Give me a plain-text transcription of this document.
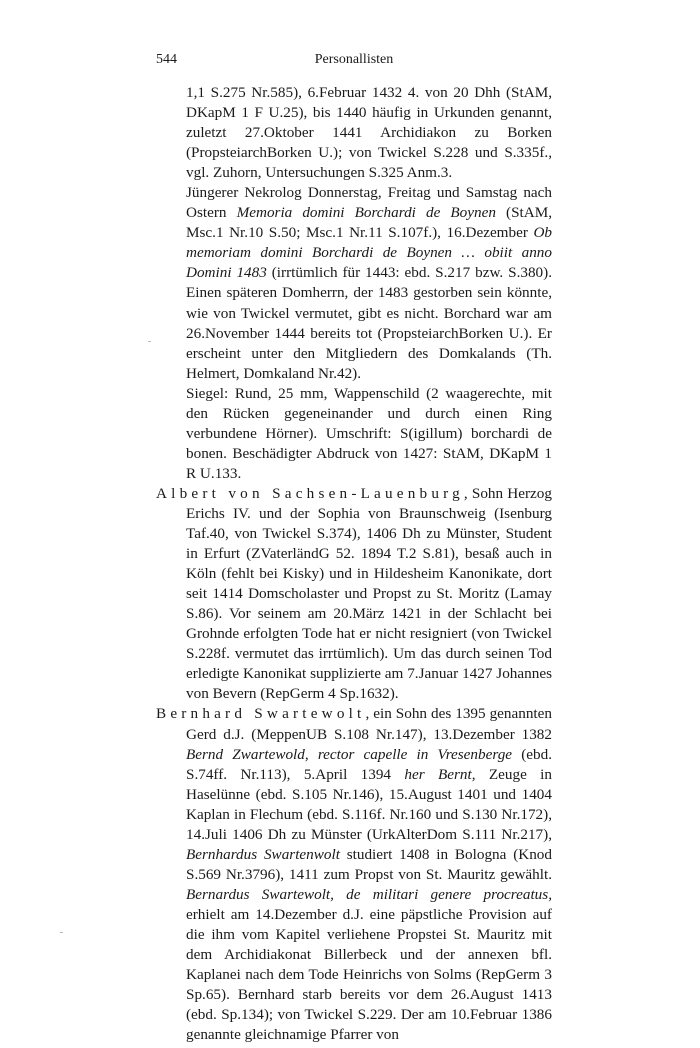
544	Personallisten

1,1 S.275 Nr.585), 6.Februar 1432 4. von 20 Dhh (StAM, DKapM 1 F U.25), bis 1440 häufig in Urkunden genannt, zuletzt 27.Oktober 1441 Archidiakon zu Borken (PropsteiarchBorken U.); von Twickel S.228 und S.335f., vgl. Zuhorn, Untersuchungen S.325 Anm.3.

Jüngerer Nekrolog Donnerstag, Freitag und Samstag nach Ostern Memoria domini Borchardi de Boynen (StAM, Msc.1 Nr.10 S.50; Msc.1 Nr.11 S.107f.), 16.Dezember Ob memoriam domini Borchardi de Boynen … obiit anno Domini 1483 (irrtümlich für 1443: ebd. S.217 bzw. S.380). Einen späteren Domherrn, der 1483 gestorben sein könnte, wie von Twickel vermutet, gibt es nicht. Borchard war am 26.November 1444 bereits tot (PropsteiarchBorken U.). Er erscheint unter den Mitgliedern des Domkalands (Th. Helmert, Domkaland Nr.42).

Siegel: Rund, 25 mm, Wappenschild (2 waagerechte, mit den Rücken gegeneinander und durch einen Ring verbundene Hörner). Umschrift: S(igillum) borchardi de bonen. Beschädigter Abdruck von 1427: StAM, DKapM 1 R U.133.

Albert von Sachsen-Lauenburg, Sohn Herzog Erichs IV. und der Sophia von Braunschweig (Isenburg Taf.40, von Twickel S.374), 1406 Dh zu Münster, Student in Erfurt (ZVaterländG 52. 1894 T.2 S.81), besaß auch in Köln (fehlt bei Kisky) und in Hildesheim Kanonikate, dort seit 1414 Domscholaster und Propst zu St. Moritz (Lamay S.86). Vor seinem am 20.März 1421 in der Schlacht bei Grohnde erfolgten Tode hat er nicht resigniert (von Twickel S.228f. vermutet das irrtümlich). Um das durch seinen Tod erledigte Kanonikat supplizierte am 7.Januar 1427 Johannes von Bevern (RepGerm 4 Sp.1632).

Bernhard Swartewolt, ein Sohn des 1395 genannten Gerd d.J. (MeppenUB S.108 Nr.147), 13.Dezember 1382 Bernd Zwartewold, rector capelle in Vresenberge (ebd. S.74ff. Nr.113), 5.April 1394 her Bernt, Zeuge in Haselünne (ebd. S.105 Nr.146), 15.August 1401 und 1404 Kaplan in Flechum (ebd. S.116f. Nr.160 und S.130 Nr.172), 14.Juli 1406 Dh zu Münster (UrkAlterDom S.111 Nr.217), Bernhardus Swartenwolt studiert 1408 in Bologna (Knod S.569 Nr.3796), 1411 zum Propst von St. Mauritz gewählt. Bernardus Swartewolt, de militari genere procreatus, erhielt am 14.Dezember d.J. eine päpstliche Provision auf die ihm vom Kapitel verliehene Propstei St. Mauritz mit dem Archidiakonat Billerbeck und der annexen bfl. Kaplanei nach dem Tode Heinrichs von Solms (RepGerm 3 Sp.65). Bernhard starb bereits vor dem 26.August 1413 (ebd. Sp.134); von Twickel S.229. Der am 10.Februar 1386 genannte gleichnamige Pfarrer von
